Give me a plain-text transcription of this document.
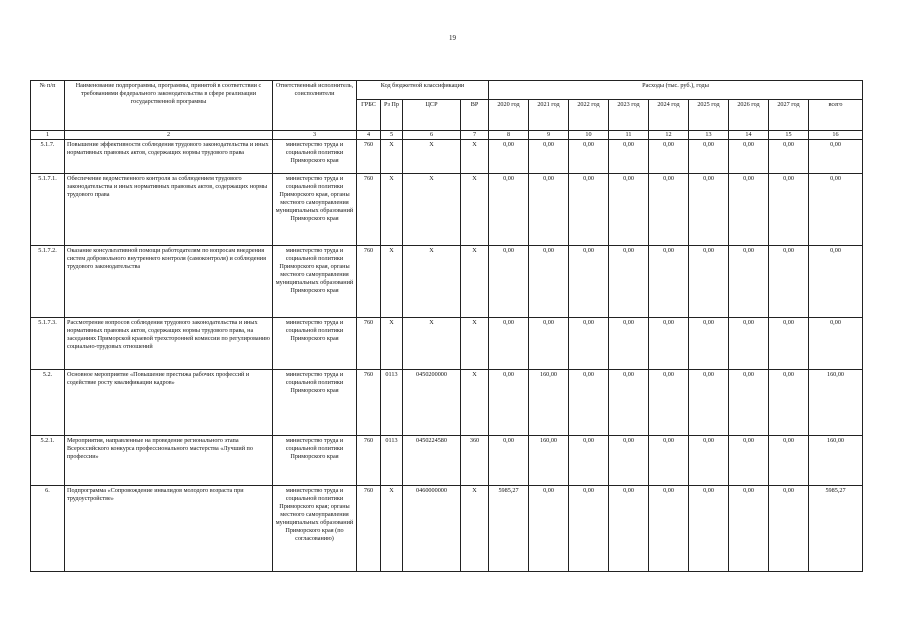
19
№ п/п	Наименование подпрограммы, программы, принятой в соответствии с требованиями федерального законодательства в сфере реализации государственной программы	Ответственный исполнитель, соисполнители	Код бюджетной классификации				Расходы (тыс. руб.), годы								
			ГРБС	Рз Пр	ЦСР	ВР	2020 год	2021 год	2022 год	2023 год	2024 год	2025 год	2026 год	2027 год	всего
1	2	3	4	5	6	7	8	9	10	11	12	13	14	15	16
5.1.7.	Повышение эффективности соблюдения трудового законодательства и иных нормативных правовых актов, содержащих нормы трудового права	министерство труда и социальной политики Приморского края	760	X	X	X	0,00	0,00	0,00	0,00	0,00	0,00	0,00	0,00	0,00
5.1.7.1.	Обеспечение ведомственного контроля за соблюдением трудового законодательства и иных нормативных правовых актов, содержащих нормы трудового права	министерство труда и социальной политики Приморского края, органы местного самоуправления муниципальных образований Приморского края	760	X	X	X	0,00	0,00	0,00	0,00	0,00	0,00	0,00	0,00	0,00
5.1.7.2.	Оказание консультативной помощи работодателям по вопросам внедрения систем добровольного внутреннего контроля (самоконтроля) и соблюдения трудового законодательства	министерство труда и социальной политики Приморского края, органы местного самоуправления муниципальных образований Приморского края	760	X	X	X	0,00	0,00	0,00	0,00	0,00	0,00	0,00	0,00	0,00
5.1.7.3.	Рассмотрение вопросов соблюдения трудового законодательства и иных нормативных правовых актов, содержащих нормы трудового права, на заседаниях Приморской краевой трехсторонней комиссии по регулированию социально-трудовых отношений	министерство труда и социальной политики Приморского края	760	X	X	X	0,00	0,00	0,00	0,00	0,00	0,00	0,00	0,00	0,00
5.2.	Основное мероприятие «Повышение престижа рабочих профессий и содействие росту квалификации кадров»	министерство труда и социальной политики Приморского края	760	0113	0450200000	X	0,00	160,00	0,00	0,00	0,00	0,00	0,00	0,00	160,00
5.2.1.	Мероприятия, направленные на проведение регионального этапа Всероссийского конкурса профессионального мастерства «Лучший по профессии»	министерство труда и социальной политики Приморского края	760	0113	0450224580	360	0,00	160,00	0,00	0,00	0,00	0,00	0,00	0,00	160,00
6.	Подпрограмма «Сопровождение инвалидов молодого возраста при трудоустройстве»	министерство труда и социальной политики Приморского края; органы местного самоуправления муниципальных образований Приморского края (по согласованию)	760	X	0460000000	X	5985,27	0,00	0,00	0,00	0,00	0,00	0,00	0,00	5985,27
